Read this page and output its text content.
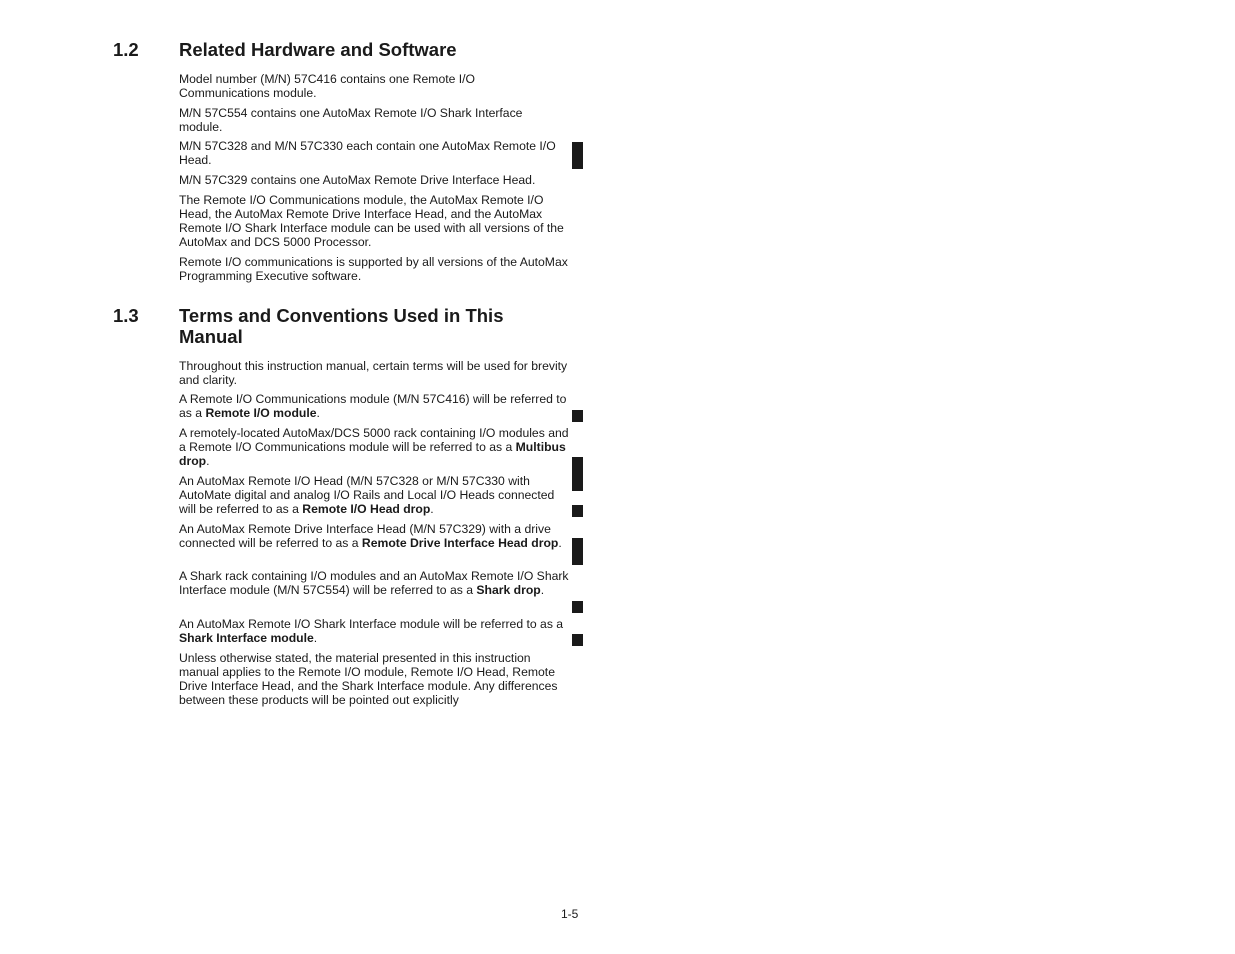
1.2	Related Hardware and Software

Model number (M/N) 57C416 contains one Remote I/O Communications module.

M/N 57C554 contains one AutoMax Remote I/O Shark Interface module.

M/N 57C328 and M/N 57C330 each contain one AutoMax Remote I/O Head.

M/N 57C329 contains one AutoMax Remote Drive Interface Head.

The Remote I/O Communications module, the AutoMax Remote I/O Head, the AutoMax Remote Drive Interface Head, and the AutoMax Remote I/O Shark Interface module can be used with all versions of the AutoMax and DCS 5000 Processor.

Remote I/O communications is supported by all versions of the AutoMax Programming Executive software.

1.3	Terms and Conventions Used in This Manual

Throughout this instruction manual, certain terms will be used for brevity and clarity.

A Remote I/O Communications module (M/N 57C416) will be referred to as a Remote I/O module.

A remotely-located AutoMax/DCS 5000 rack containing I/O modules and a Remote I/O Communications module will be referred to as a Multibus drop.

An AutoMax Remote I/O Head (M/N 57C328 or M/N 57C330 with AutoMate digital and analog I/O Rails and Local I/O Heads connected will be referred to as a Remote I/O Head drop.

An AutoMax Remote Drive Interface Head (M/N 57C329) with a drive connected will be referred to as a Remote Drive Interface Head drop.

A Shark rack containing I/O modules and an AutoMax Remote I/O Shark Interface module (M/N 57C554) will be referred to as a Shark drop.

An AutoMax Remote I/O Shark Interface module will be referred to as a Shark Interface module.

Unless otherwise stated, the material presented in this instruction manual applies to the Remote I/O module, Remote I/O Head, Remote Drive Interface Head, and the Shark Interface module. Any differences between these products will be pointed out explicitly

1-5
